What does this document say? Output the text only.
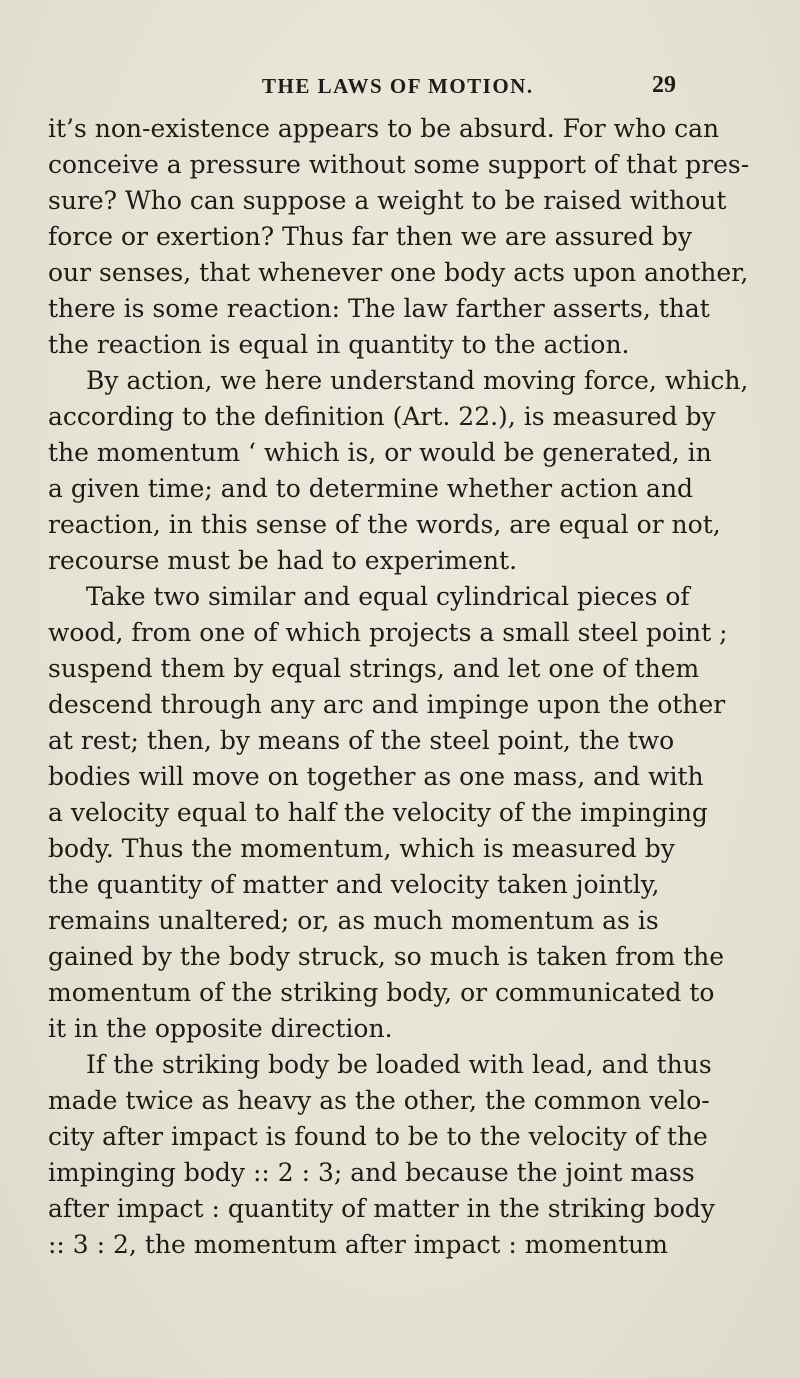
THE LAWS OF MOTION.	29
it’s non-existence appears to be absurd. For who can
conceive a pressure without some support of that pres-
sure? Who can suppose a weight to be raised without
force or exertion? Thus far then we are assured by
our senses, that whenever one body acts upon another,
there is some reaction: The law farther asserts, that
the reaction is equal in quantity to the action.
By action, we here understand moving force, which,
according to the definition (Art. 22.), is measured by
the momentum ‘ which is, or would be generated, in
a given time; and to determine whether action and
reaction, in this sense of the words, are equal or not,
recourse must be had to experiment.
Take two similar and equal cylindrical pieces of
wood, from one of which projects a small steel point ;
suspend them by equal strings, and let one of them
descend through any arc and impinge upon the other
at rest; then, by means of the steel point, the two
bodies will move on together as one mass, and with
a velocity equal to half the velocity of the impinging
body. Thus the momentum, which is measured by
the quantity of matter and velocity taken jointly,
remains unaltered; or, as much momentum as is
gained by the body struck, so much is taken from the
momentum of the striking body, or communicated to
it in the opposite direction.
If the striking body be loaded with lead, and thus
made twice as heavy as the other, the common velo-
city after impact is found to be to the velocity of the
impinging body :: 2 : 3; and because the joint mass
after impact : quantity of matter in the striking body
:: 3 : 2, the momentum after impact : momentum
